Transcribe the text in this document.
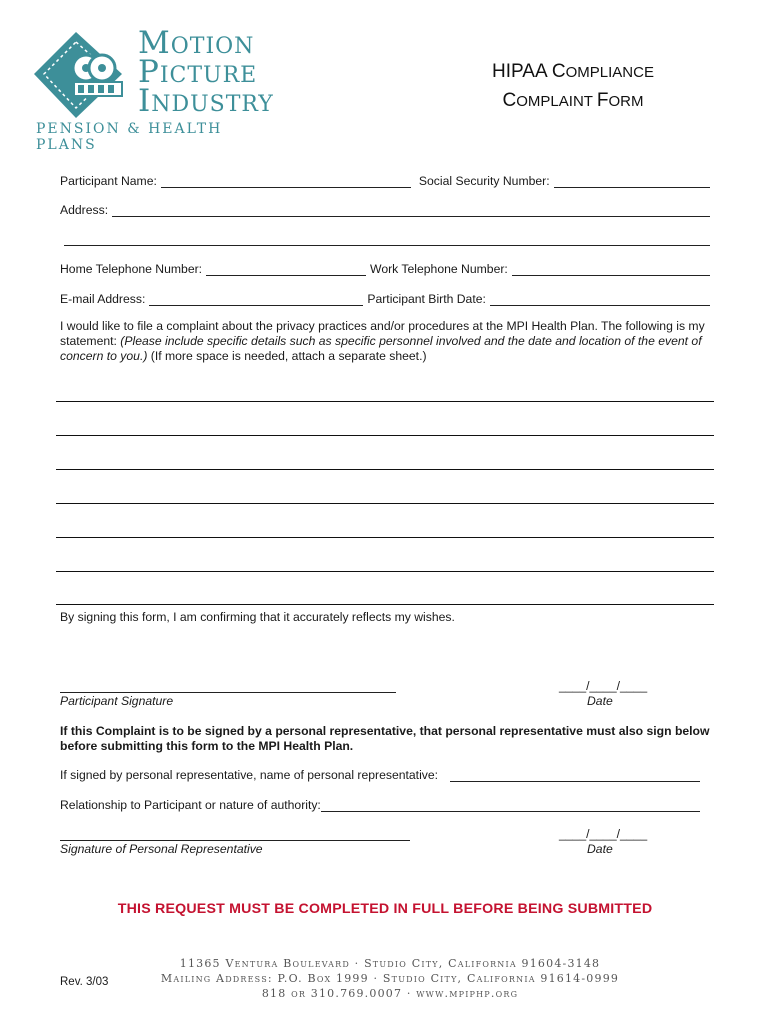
Motion
Picture
Industry
PENSION & HEALTH PLANS
HIPAA COMPLIANCE
COMPLAINT FORM
Participant Name:	Social Security Number:
Address:
Home Telephone Number:	Work Telephone Number:
E-mail Address:	Participant Birth Date:
I would like to file a complaint about the privacy practices and/or procedures at the MPI Health Plan. The following is my statement: (Please include specific details such as specific personnel involved and the date and location of the event of concern to you.) (If more space is needed, attach a separate sheet.)
By signing this form, I am confirming that it accurately reflects my wishes.
Participant Signature
____/____/____
Date
If this Complaint is to be signed by a personal representative, that personal representative must also sign below before submitting this form to the MPI Health Plan.
If signed by personal representative, name of personal representative:
Relationship to Participant or nature of authority:
Signature of Personal Representative
____/____/____
Date
THIS REQUEST MUST BE COMPLETED IN FULL BEFORE BEING SUBMITTED
Rev. 3/03
11365 Ventura Boulevard · Studio City, California 91604-3148
Mailing Address: P.O. Box 1999 · Studio City, California 91614-0999
818 or 310.769.0007 · www.mpiphp.org
